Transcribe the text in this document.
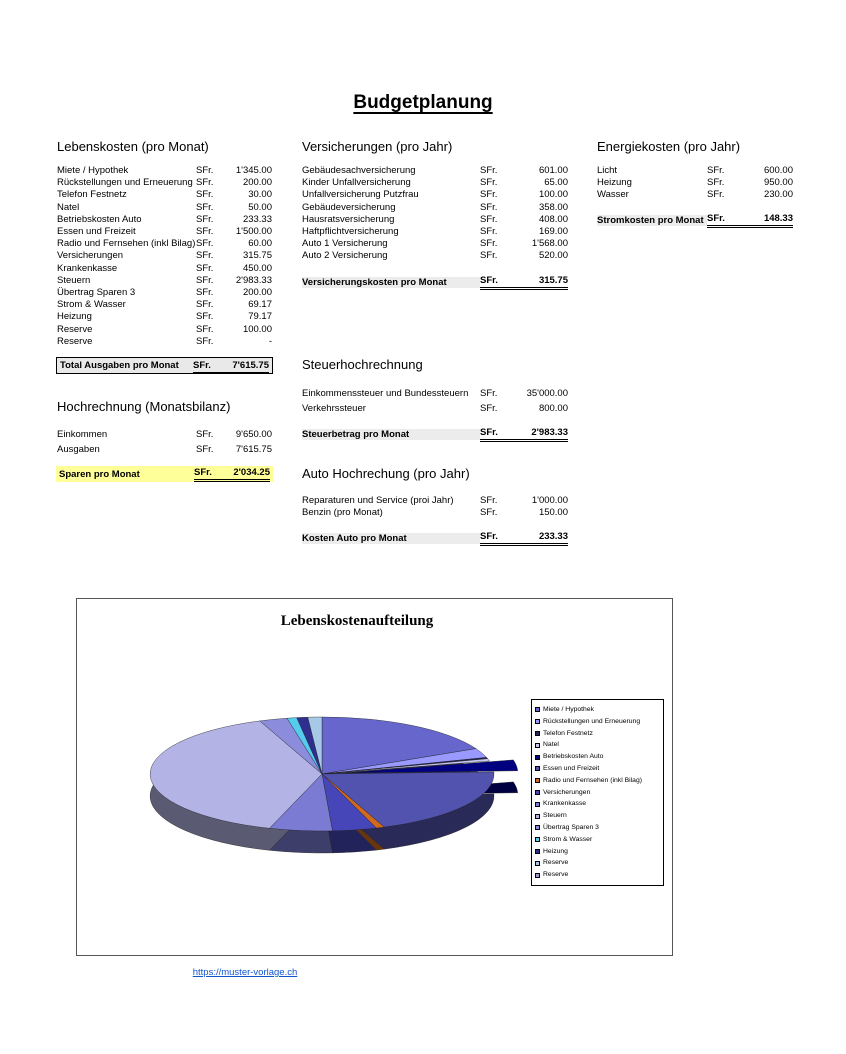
Budgetplanung
Lebenskosten (pro Monat)
Miete / Hypothek	SFr.	1'345.00
Rückstellungen und Erneuerung SFr.	200.00
Telefon Festnetz	SFr.	30.00
Natel	SFr.	50.00
Betriebskosten Auto	SFr.	233.33
Essen und Freizeit	SFr.	1'500.00
Radio und Fernsehen (inkl Bilag) SFr.	60.00
Versicherungen	SFr.	315.75
Krankenkasse	SFr.	450.00
Steuern	SFr.	2'983.33
Übertrag Sparen 3	SFr.	200.00
Strom & Wasser	SFr.	69.17
Heizung	SFr.	79.17
Reserve	SFr.	100.00
Reserve	SFr.	-
Total Ausgaben pro Monat	SFr.	7'615.75
Hochrechnung (Monatsbilanz)
Einkommen	SFr.	9'650.00
Ausgaben	SFr.	7'615.75
Sparen pro Monat	SFr.	2'034.25
Versicherungen (pro Jahr)
Gebäudesachversicherung	SFr.	601.00
Kinder Unfallversicherung	SFr.	65.00
Unfallversicherung Putzfrau	SFr.	100.00
Gebäudeversicherung	SFr.	358.00
Hausratsversicherung	SFr.	408.00
Haftpflichtversicherung	SFr.	169.00
Auto 1 Versicherung	SFr.	1'568.00
Auto 2 Versicherung	SFr.	520.00
Versicherungskosten pro Monat	SFr.	315.75
Steuerhochrechnung
Einkommenssteuer und Bundessteuern	SFr.	35'000.00
Verkehrssteuer	SFr.	800.00
Steuerbetrag pro Monat	SFr.	2'983.33
Auto Hochrechung (pro Jahr)
Reparaturen und Service (proi Jahr)	SFr.	1'000.00
Benzin (pro Monat)	SFr.	150.00
Kosten Auto pro Monat	SFr.	233.33
Energiekosten (pro Jahr)
Licht	SFr.	600.00
Heizung	SFr.	950.00
Wasser	SFr.	230.00
Stromkosten pro Monat SFr.	148.33
Lebenskostenaufteilung
Miete / Hypothek
Rückstellungen und Erneuerung
Telefon Festnetz
Natel
Betriebskosten Auto
Essen und Freizeit
Radio und Fernsehen (inkl Bilag)
Versicherungen
Krankenkasse
Steuern
Übertrag Sparen 3
Strom & Wasser
Heizung
Reserve
Reserve
https://muster-vorlage.ch
